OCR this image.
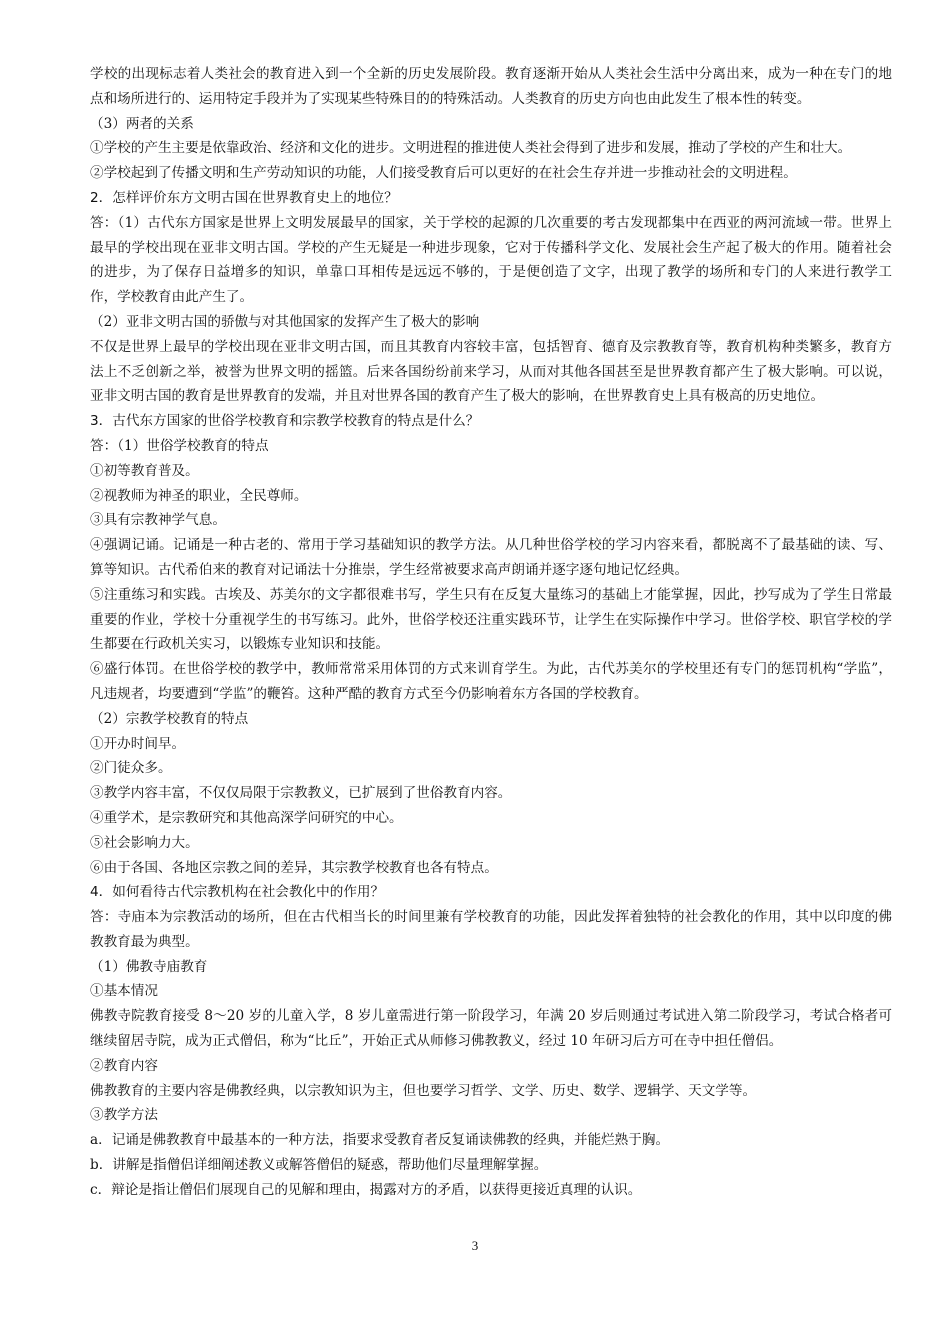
学校的出现标志着人类社会的教育进入到一个全新的历史发展阶段。教育逐渐开始从人类社会生活中分离出来，成为一种在专门的地点和场所进行的、运用特定手段并为了实现某些特殊目的的特殊活动。人类教育的历史方向也由此发生了根本性的转变。

（3）两者的关系

①学校的产生主要是依靠政治、经济和文化的进步。文明进程的推进使人类社会得到了进步和发展，推动了学校的产生和壮大。

②学校起到了传播文明和生产劳动知识的功能，人们接受教育后可以更好的在社会生存并进一步推动社会的文明进程。

2．怎样评价东方文明古国在世界教育史上的地位？

答：（1）古代东方国家是世界上文明发展最早的国家，关于学校的起源的几次重要的考古发现都集中在西亚的两河流域一带。世界上最早的学校出现在亚非文明古国。学校的产生无疑是一种进步现象，它对于传播科学文化、发展社会生产起了极大的作用。随着社会的进步，为了保存日益增多的知识，单靠口耳相传是远远不够的，于是便创造了文字，出现了教学的场所和专门的人来进行教学工作，学校教育由此产生了。

（2）亚非文明古国的骄傲与对其他国家的发挥产生了极大的影响

不仅是世界上最早的学校出现在亚非文明古国，而且其教育内容较丰富，包括智育、德育及宗教教育等，教育机构种类繁多，教育方法上不乏创新之举，被誉为世界文明的摇篮。后来各国纷纷前来学习，从而对其他各国甚至是世界教育都产生了极大影响。可以说，亚非文明古国的教育是世界教育的发端，并且对世界各国的教育产生了极大的影响，在世界教育史上具有极高的历史地位。

3．古代东方国家的世俗学校教育和宗教学校教育的特点是什么？

答：（1）世俗学校教育的特点

①初等教育普及。

②视教师为神圣的职业，全民尊师。

③具有宗教神学气息。

④强调记诵。记诵是一种古老的、常用于学习基础知识的教学方法。从几种世俗学校的学习内容来看，都脱离不了最基础的读、写、算等知识。古代希伯来的教育对记诵法十分推崇，学生经常被要求高声朗诵并逐字逐句地记忆经典。

⑤注重练习和实践。古埃及、苏美尔的文字都很难书写，学生只有在反复大量练习的基础上才能掌握，因此，抄写成为了学生日常最重要的作业，学校十分重视学生的书写练习。此外，世俗学校还注重实践环节，让学生在实际操作中学习。世俗学校、职官学校的学生都要在行政机关实习，以锻炼专业知识和技能。

⑥盛行体罚。在世俗学校的教学中，教师常常采用体罚的方式来训育学生。为此，古代苏美尔的学校里还有专门的惩罚机构“学监”，凡违规者，均要遭到“学监”的鞭笞。这种严酷的教育方式至今仍影响着东方各国的学校教育。

（2）宗教学校教育的特点

①开办时间早。

②门徒众多。

③教学内容丰富，不仅仅局限于宗教教义，已扩展到了世俗教育内容。

④重学术，是宗教研究和其他高深学问研究的中心。

⑤社会影响力大。

⑥由于各国、各地区宗教之间的差异，其宗教学校教育也各有特点。

4．如何看待古代宗教机构在社会教化中的作用？

答：寺庙本为宗教活动的场所，但在古代相当长的时间里兼有学校教育的功能，因此发挥着独特的社会教化的作用，其中以印度的佛教教育最为典型。

（1）佛教寺庙教育

①基本情况

佛教寺院教育接受 8～20 岁的儿童入学，8 岁儿童需进行第一阶段学习，年满 20 岁后则通过考试进入第二阶段学习，考试合格者可继续留居寺院，成为正式僧侣，称为“比丘”，开始正式从师修习佛教教义，经过 10 年研习后方可在寺中担任僧侣。

②教育内容

佛教教育的主要内容是佛教经典，以宗教知识为主，但也要学习哲学、文学、历史、数学、逻辑学、天文学等。

③教学方法

a．记诵是佛教教育中最基本的一种方法，指要求受教育者反复诵读佛教的经典，并能烂熟于胸。

b．讲解是指僧侣详细阐述教义或解答僧侣的疑惑，帮助他们尽量理解掌握。

c．辩论是指让僧侣们展现自己的见解和理由，揭露对方的矛盾，以获得更接近真理的认识。

3
